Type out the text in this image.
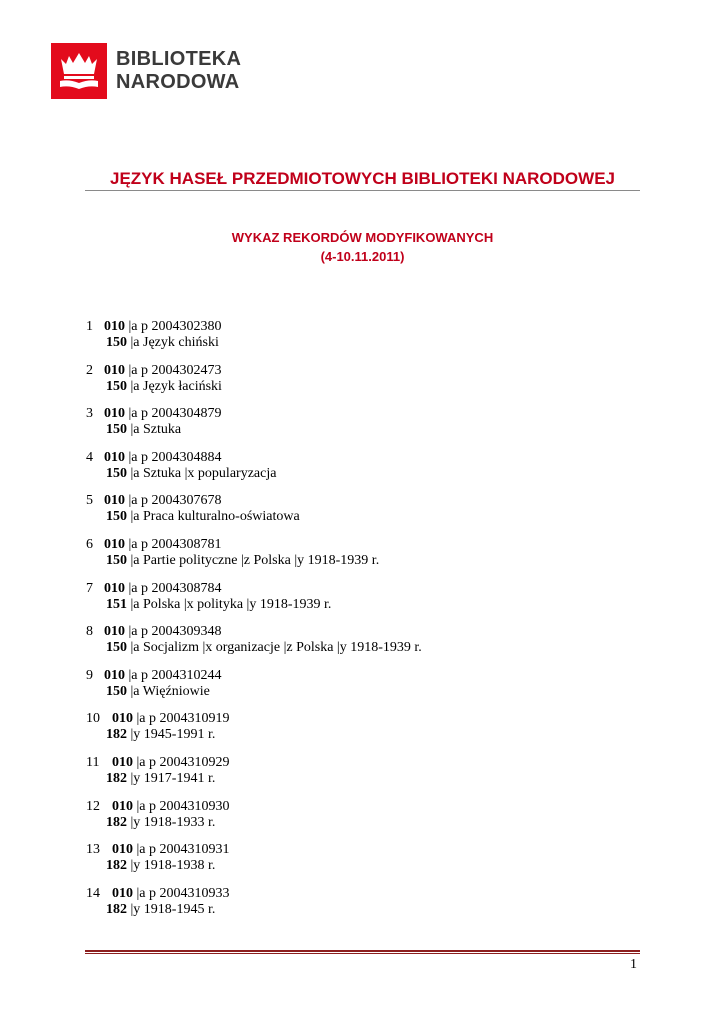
BIBLIOTEKA
NARODOWA
JĘZYK HASEŁ PRZEDMIOTOWYCH BIBLIOTEKI NARODOWEJ
WYKAZ REKORDÓW MODYFIKOWANYCH
(4-10.11.2011)
1 010 |a p 2004302380
150 |a Język chiński
2 010 |a p 2004302473
150 |a Język łaciński
3 010 |a p 2004304879
150 |a Sztuka
4 010 |a p 2004304884
150 |a Sztuka |x popularyzacja
5 010 |a p 2004307678
150 |a Praca kulturalno-oświatowa
6 010 |a p 2004308781
150 |a Partie polityczne |z Polska |y 1918-1939 r.
7 010 |a p 2004308784
151 |a Polska |x polityka |y 1918-1939 r.
8 010 |a p 2004309348
150 |a Socjalizm |x organizacje |z Polska |y 1918-1939 r.
9 010 |a p 2004310244
150 |a Więźniowie
10 010 |a p 2004310919
182 |y 1945-1991 r.
11 010 |a p 2004310929
182 |y 1917-1941 r.
12 010 |a p 2004310930
182 |y 1918-1933 r.
13 010 |a p 2004310931
182 |y 1918-1938 r.
14 010 |a p 2004310933
182 |y 1918-1945 r.
1
